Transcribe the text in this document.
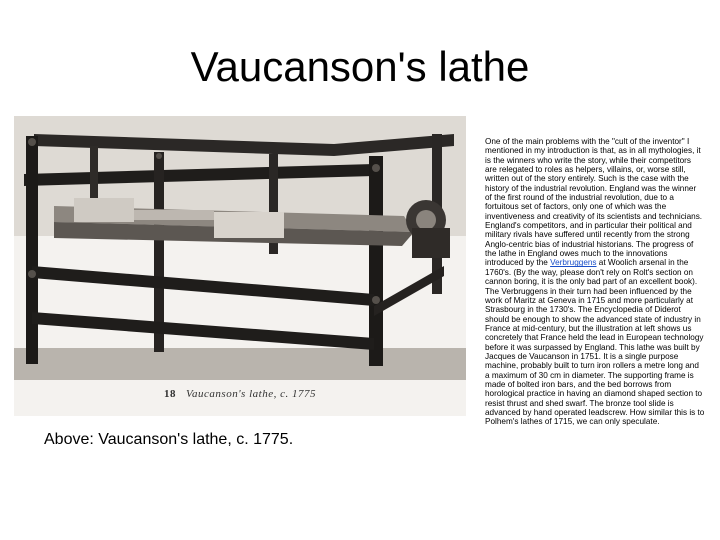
Vaucanson's lathe
18 Vaucanson's lathe, c. 1775
Above: Vaucanson's lathe, c. 1775.
One of the main problems with the "cult of the inventor" I mentioned in my introduction is that, as in all mythologies, it is the winners who write the story, while their competitors are relegated to roles as helpers, villains, or, worse still, written out of the story entirely. Such is the case with the history of the industrial revolution. England was the winner of the first round of the industrial revolution, due to a fortuitous set of factors, only one of which was the inventiveness and creativity of its scientists and technicians. England's competitors, and in particular their political and military rivals have suffered until recently from the strong Anglo-centric bias of industrial historians. The progress of the lathe in England owes much to the innovations introduced by the Verbruggens at Woolich arsenal in the 1760's. (By the way, please don't rely on Rolt's section on cannon boring, it is the only bad part of an excellent book). The Verbruggens in their turn had been influenced by the work of Maritz at Geneva in 1715 and more particularly at Strasbourg in the 1730's. The Encyclopedia of Diderot should be enough to show the advanced state of industry in France at mid-century, but the illustration at left shows us concretely that France held the lead in European technology before it was surpassed by England. This lathe was built by Jacques de Vaucanson in 1751. It is a single purpose machine, probably built to turn iron rollers a metre long and a maximum of 30 cm in diameter. The supporting frame is made of bolted iron bars, and the bed borrows from horological practice in having an diamond shaped section to resist thrust and shed swarf. The bronze tool slide is advanced by hand operated leadscrew. How similar this is to Polhem's lathes of 1715, we can only speculate.
